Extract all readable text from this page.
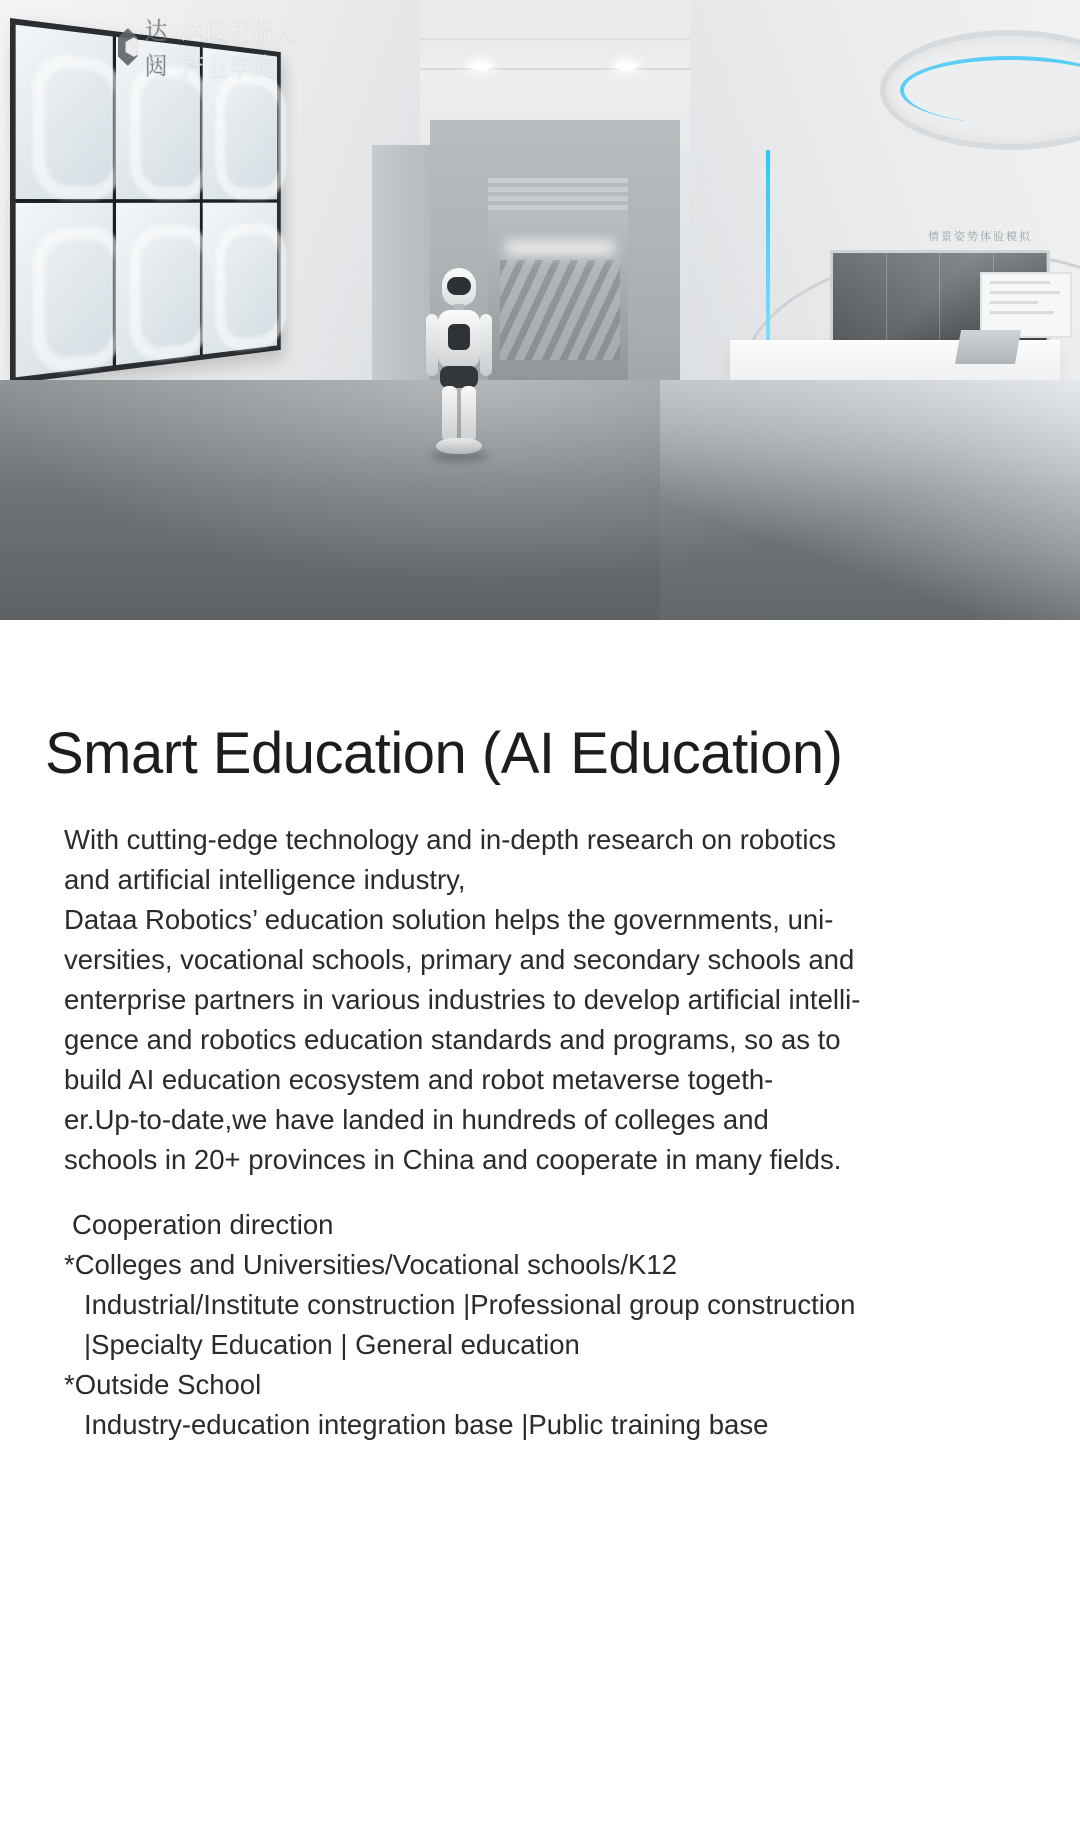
达闼
达闼机器人产业学院
情景姿势体验模拟
Smart Education (AI Education)

With cutting-edge technology and in-depth research on robotics

and artificial intelligence industry,

Dataa Robotics’ education solution helps the governments, uni-

versities, vocational schools, primary and secondary schools and

enterprise partners in various industries to develop artificial intelli-

gence and robotics education standards and programs, so as to

build AI education ecosystem and robot metaverse togeth-

er.Up-to-date,we have landed in hundreds of colleges and

schools in 20+ provinces in China and cooperate in many fields.

Cooperation direction
*Colleges and Universities/Vocational schools/K12
Industrial/Institute construction |Professional group construction
|Specialty Education | General education
*Outside School
Industry-education integration base |Public training base
